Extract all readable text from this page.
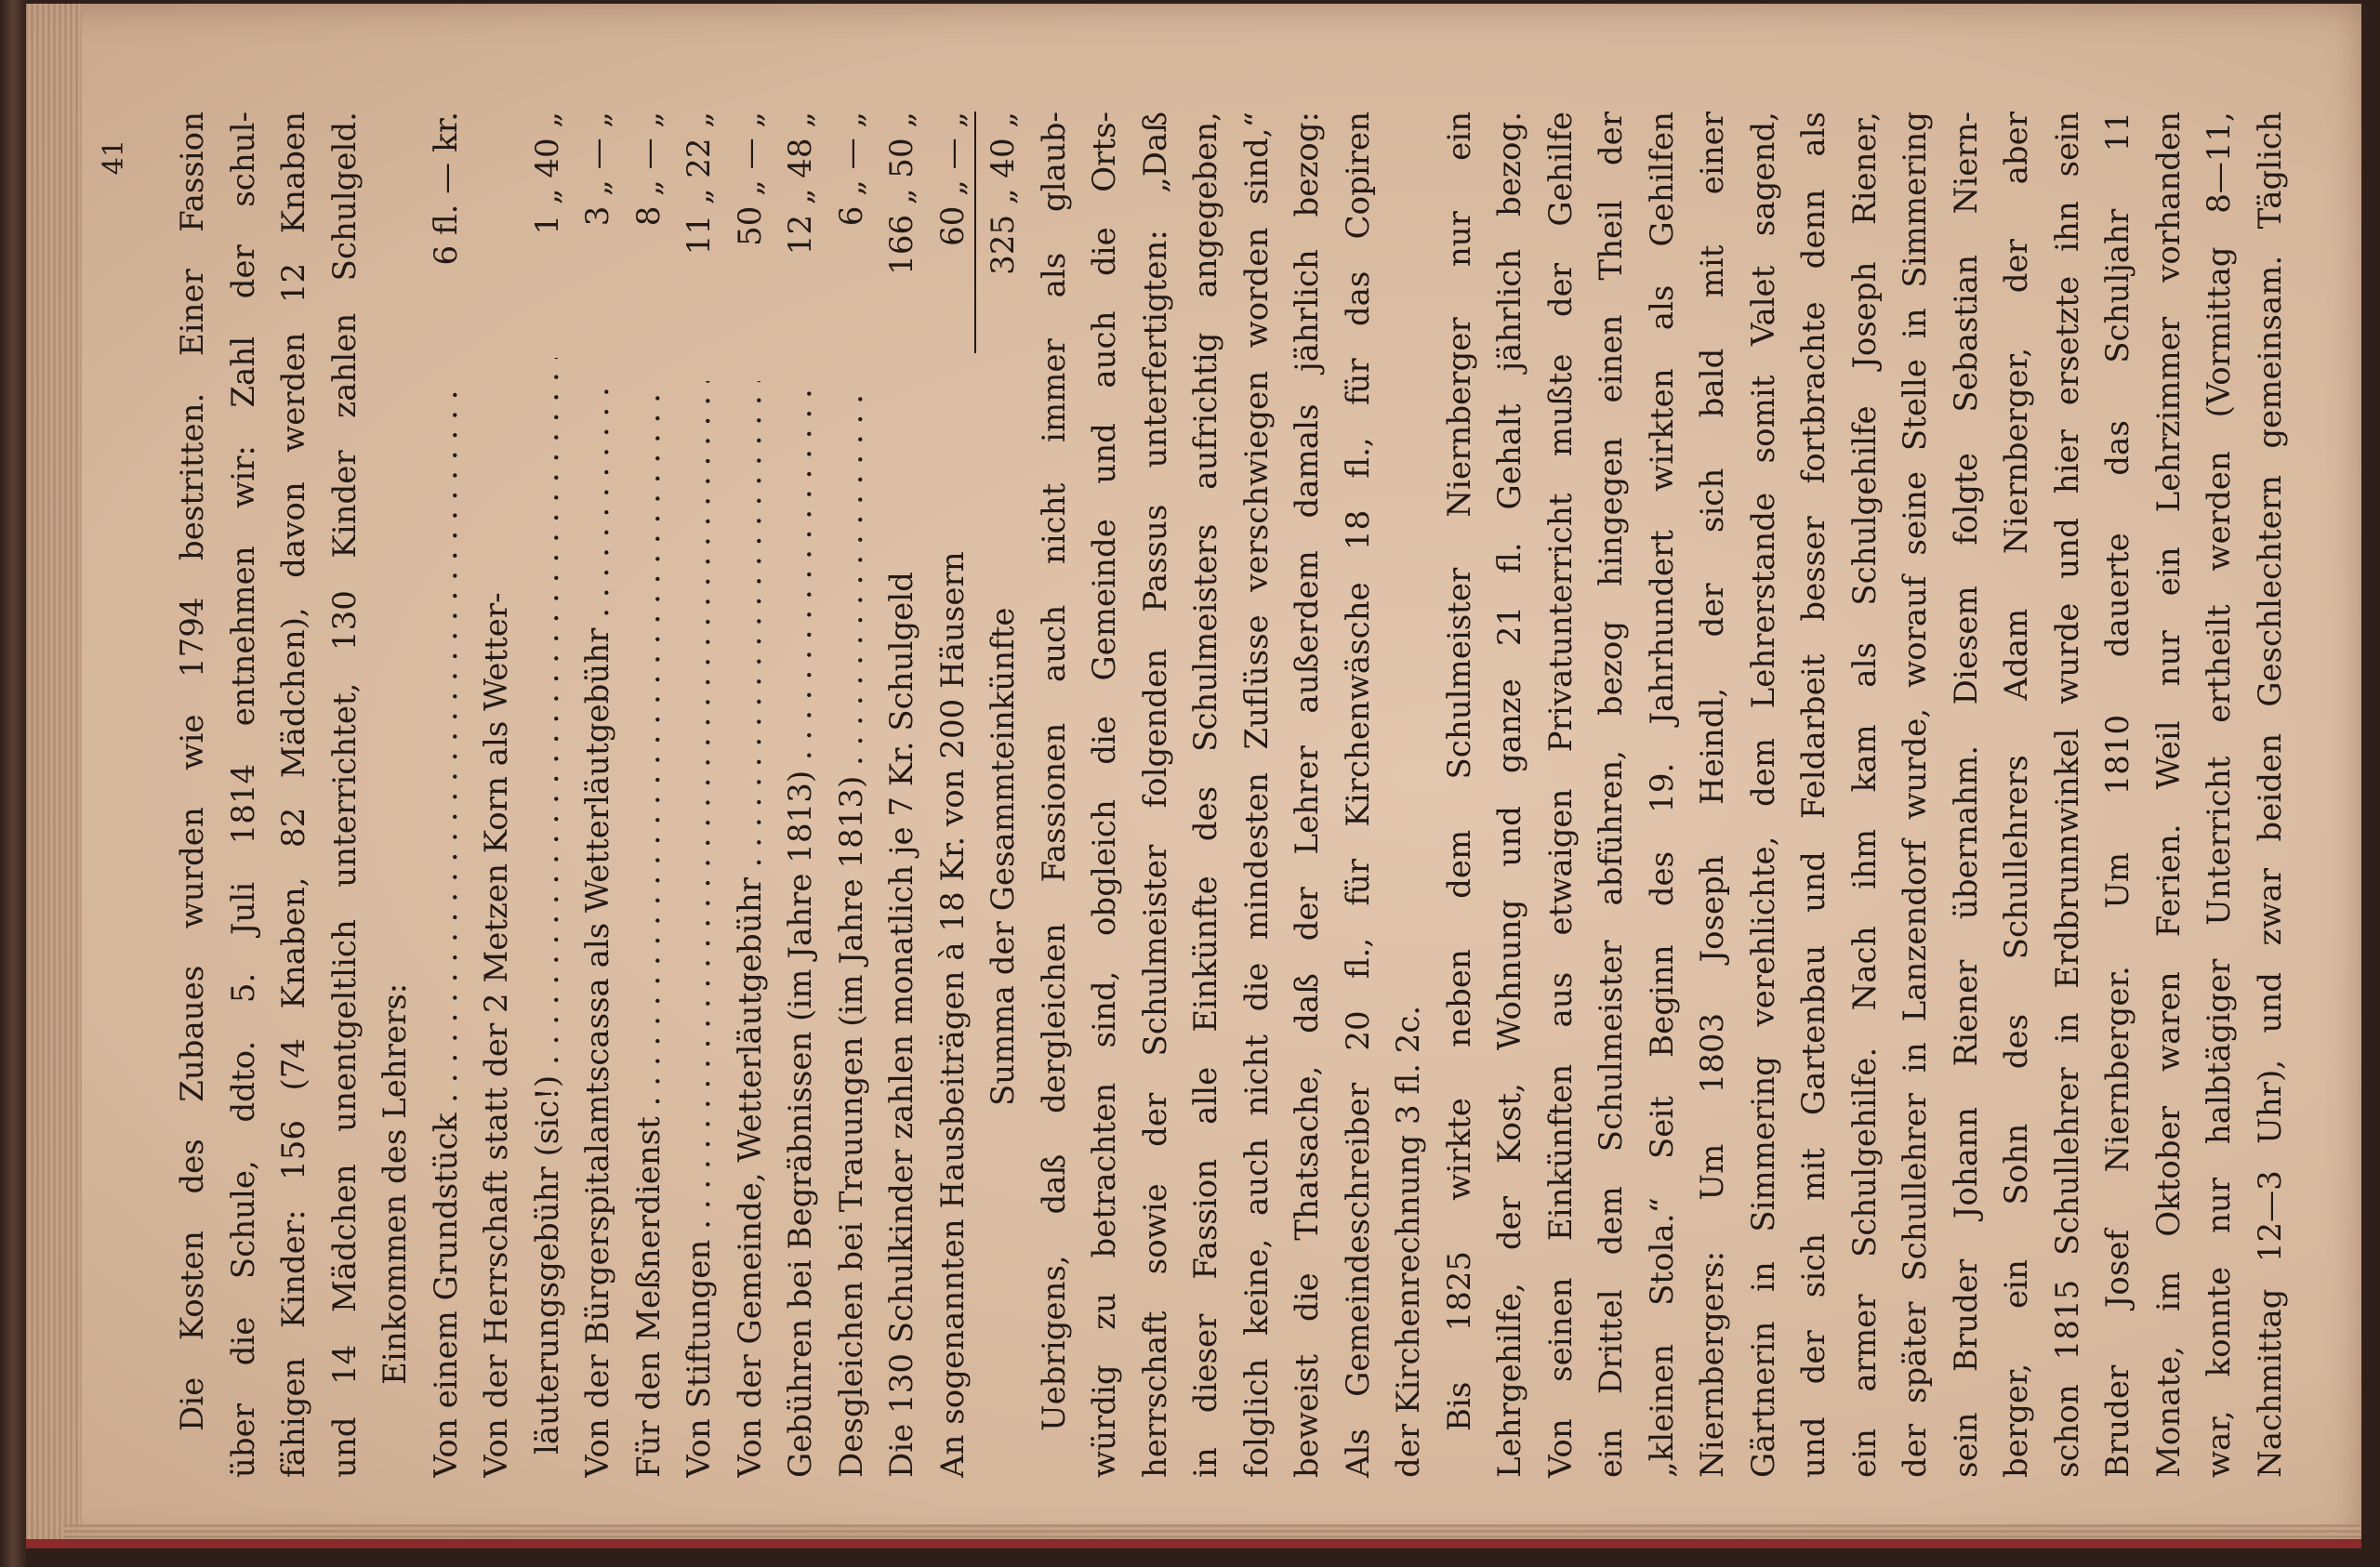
41 Die Kosten des Zubaues wurden wie 1794 bestritten. Einer Fassion über die Schule, ddto. 5. Juli 1814 entnehmen wir: Zahl der schul- fähigen Kinder: 156 (74 Knaben, 82 Mädchen), davon werden 12 Knaben und 14 Mädchen unentgeltlich unterrichtet, 130 Kinder zahlen Schulgeld. Einkommen des Lehrers: Von einem Grundstück . . .
6 fl. — kr.
Von der Herrschaft statt der 2 Metzen Korn als Wetter- läuterungsgebühr (sic!) . . .
1 „ 40 „
Von der Bürgerspitalamtscassa als Wetterläutgebühr . . .
3 „ — „
Für den Meßnerdienst . . .
8 „ — „
Von Stiftungen . . .
11 „ 22 „
Von der Gemeinde, Wetterläutgebühr . . .
50 „ — „
Gebühren bei Begräbnissen (im Jahre 1813) . . .
12 „ 48 „
Desgleichen bei Trauungen (im Jahre 1813) . . .
6 „ — „
Die 130 Schulkinder zahlen monatlich je 7 Kr. Schulgeld
166 „ 50 „
An sogenannten Hausbeiträgen à 18 Kr. von 200 Häusern
60 „ — „
Summa der Gesammteinkünfte
325 „ 40 „ Uebrigens, daß dergleichen Fassionen auch nicht immer als glaub- würdig zu betrachten sind, obgleich die Gemeinde und auch die Orts- herrschaft sowie der Schulmeister folgenden Passus unterfertigten: „Daß in dieser Fassion alle Einkünfte des Schulmeisters aufrichtig angegeben, folglich keine, auch nicht die mindesten Zuflüsse verschwiegen worden sind,“ beweist die Thatsache, daß der Lehrer außerdem damals jährlich bezog: Als Gemeindeschreiber 20 fl., für Kirchenwäsche 18 fl., für das Copiren der Kirchenrechnung 3 fl. 2c. Bis 1825 wirkte neben dem Schulmeister Niernberger nur ein Lehrgehilfe, der Kost, Wohnung und ganze 21 fl. Gehalt jährlich bezog. Von seinen Einkünften aus etwaigen Privatunterricht mußte der Gehilfe ein Drittel dem Schulmeister abführen, bezog hingegen einen Theil der „kleinen Stola.“ Seit Beginn des 19. Jahrhundert wirkten als Gehilfen Niernbergers: Um 1803 Joseph Heindl, der sich bald mit einer Gärtnerin in Simmering verehlichte, dem Lehrerstande somit Valet sagend, und der sich mit Gartenbau und Feldarbeit besser fortbrachte denn als ein armer Schulgehilfe. Nach ihm kam als Schulgehilfe Joseph Riener, der später Schullehrer in Lanzendorf wurde, worauf seine Stelle in Simmering sein Bruder Johann Riener übernahm. Diesem folgte Sebastian Niern- berger, ein Sohn des Schullehrers Adam Niernberger, der aber schon 1815 Schullehrer in Erdbrunnwinkel wurde und hier ersetzte ihn sein Bruder Josef Niernberger. Um 1810 dauerte das Schuljahr 11 Monate, im Oktober waren Ferien. Weil nur ein Lehrzimmer vorhanden war, konnte nur halbtägiger Unterricht ertheilt werden (Vormittag 8—11, Nachmittag 12—3 Uhr), und zwar beiden Geschlechtern gemeinsam. Täglich
